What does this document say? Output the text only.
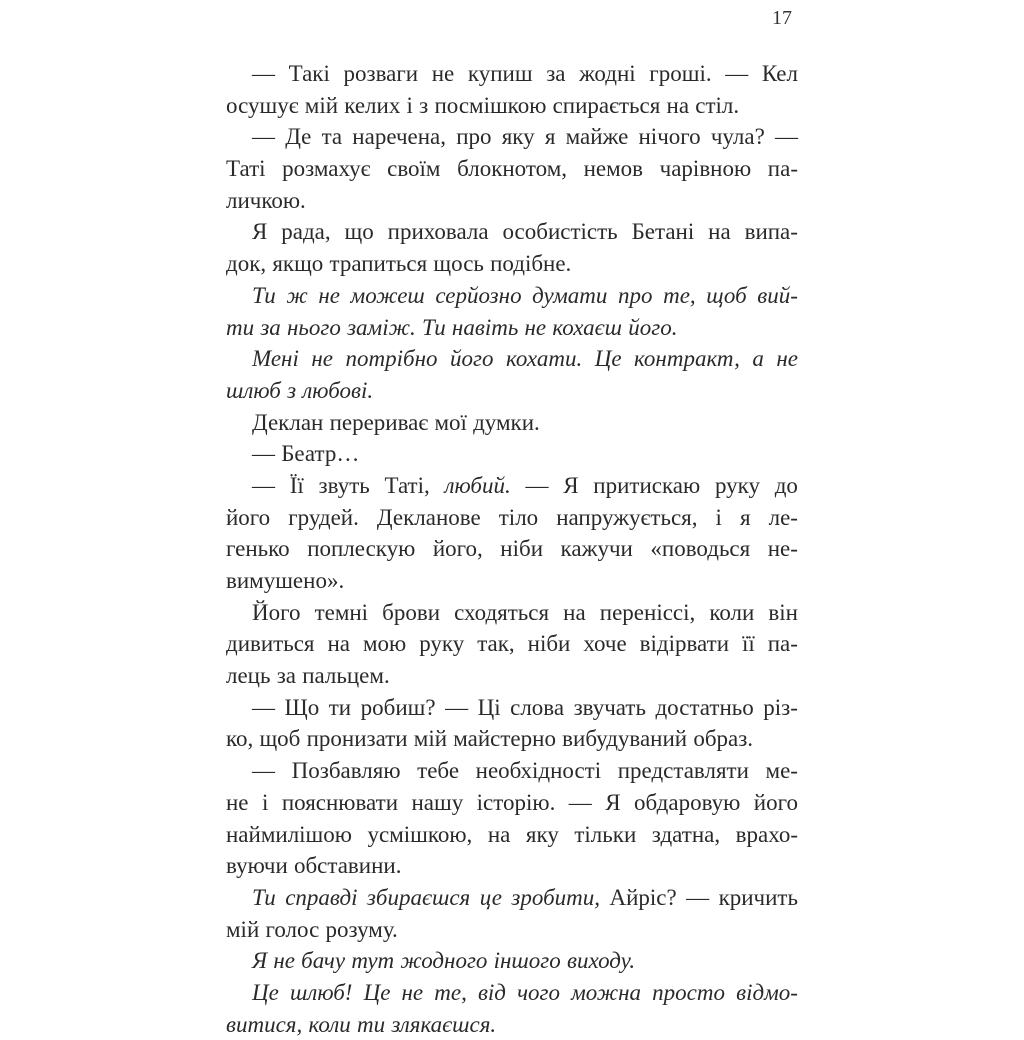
17
— Такі розваги не купиш за жодні гроші. — Кел
осушує мій келих і з посмішкою спирається на стіл.
— Де та наречена, про яку я майже нічого чула? —
Таті розмахує своїм блокнотом, немов чарівною па-
личкою.
Я рада, що приховала особистість Бетані на випа-
док, якщо трапиться щось подібне.
Ти ж не можеш серйозно думати про те, щоб вий-
ти за нього заміж. Ти навіть не кохаєш його.
Мені не потрібно його кохати. Це контракт, а не
шлюб з любові.
Деклан перериває мої думки.
— Беатр…
— Її звуть Таті, любий. — Я притискаю руку до
його грудей. Декланове тіло напружується, і я ле-
генько поплескую його, ніби кажучи «поводься не-
вимушено».
Його темні брови сходяться на переніссі, коли він
дивиться на мою руку так, ніби хоче відірвати її па-
лець за пальцем.
— Що ти робиш? — Ці слова звучать достатньо різ-
ко, щоб пронизати мій майстерно вибудуваний образ.
— Позбавляю тебе необхідності представляти ме-
не і пояснювати нашу історію. — Я обдаровую його
наймилішою усмішкою, на яку тільки здатна, врахо-
вуючи обставини.
Ти справді збираєшся це зробити, Айріс? — кричить
мій голос розуму.
Я не бачу тут жодного іншого виходу.
Це шлюб! Це не те, від чого можна просто відмо-
витися, коли ти злякаєшся.
